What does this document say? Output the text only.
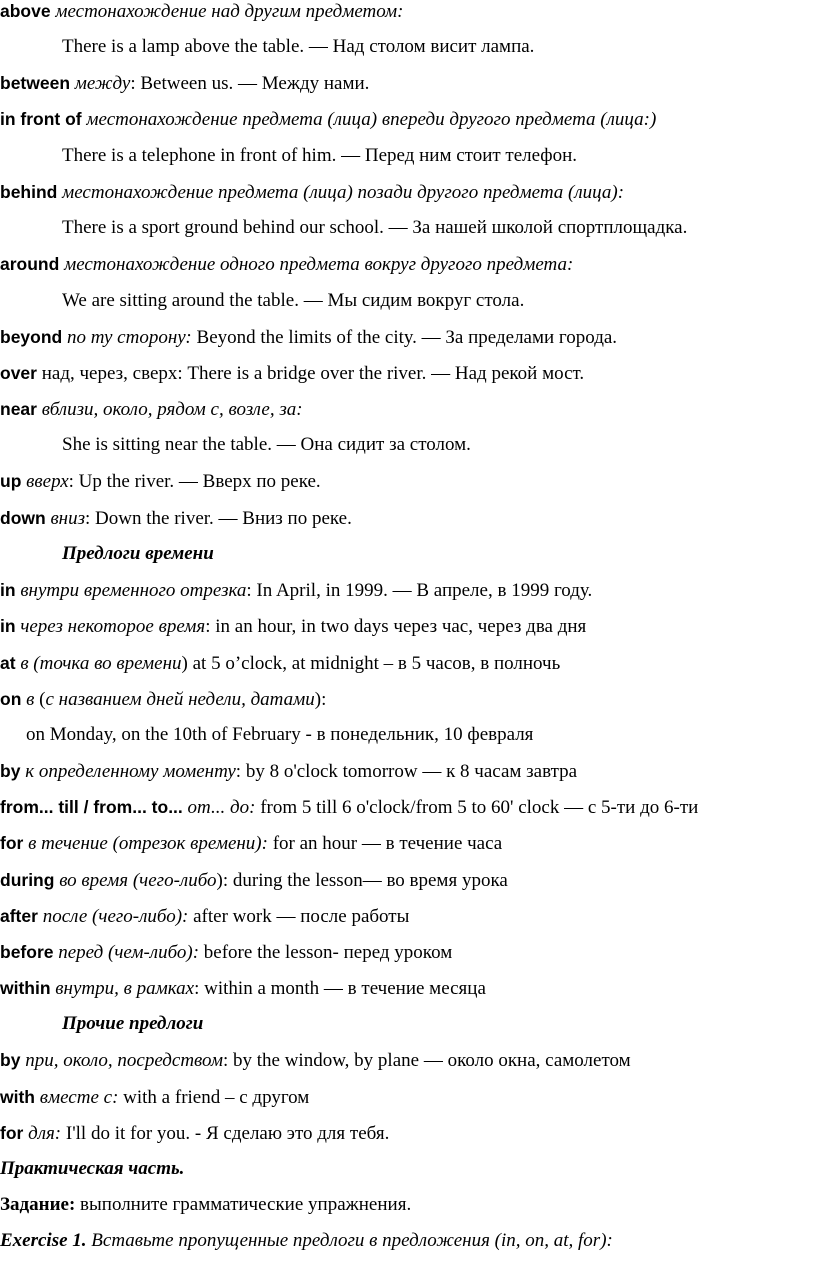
above местонахождение над другим предметом:
There is a lamp above the table. — Над столом висит лампа.
between между: Between us. — Между нами.
in front of местонахождение предмета (лица) впереди другого предмета (лица:)
There is a telephone in front of him. — Перед ним стоит телефон.
behind местонахождение предмета (лица) позади другого предмета (лица):
There is a sport ground behind our school. — За нашей школой спортплощадка.
around местонахождение одного предмета вокруг другого предмета:
We are sitting around the table. — Мы сидим вокруг стола.
beyond по ту сторону: Beyond the limits of the city. — За пределами города.
over над, через, сверх: There is a bridge over the river. — Над рекой мост.
near вблизи, около, рядом с, возле, за:
She is sitting near the table. — Она сидит за столом.
up вверх: Up the river. — Вверх по реке.
down вниз: Down the river. — Вниз по реке.
Предлоги времени
in внутри временного отрезка: In April, in 1999. — В апреле, в 1999 году.
in через некоторое время: in an hour, in two days через час, через два дня
at в (точка во времени) at 5 o’clock, at midnight – в 5 часов, в полночь
on в (с названием дней недели, датами):
on Monday, on the 10th of February - в понедельник, 10 февраля
by к определенному моменту: by 8 o'clock tomorrow — к 8 часам завтра
from... till / from... to... от... до: from 5 till 6 o'clock/from 5 to 60' clock — с 5-ти до 6-ти
for в течение (отрезок времени): for an hour — в течение часа
during во время (чего-либо): during the lesson— во время урока
after после (чего-либо): after work — после работы
before перед (чем-либо): before the lesson- перед уроком
within внутри, в рамках: within a month — в течение месяца
Прочие предлоги
by при, около, посредством: by the window, by plane — около окна, самолетом
with вместе с: with a friend – с другом
for для: I'll do it for you. - Я сделаю это для тебя.
Практическая часть.
Задание: выполните грамматические упражнения.
Exercise 1. Вставьте пропущенные предлоги в предложения (in, on, at, for):
